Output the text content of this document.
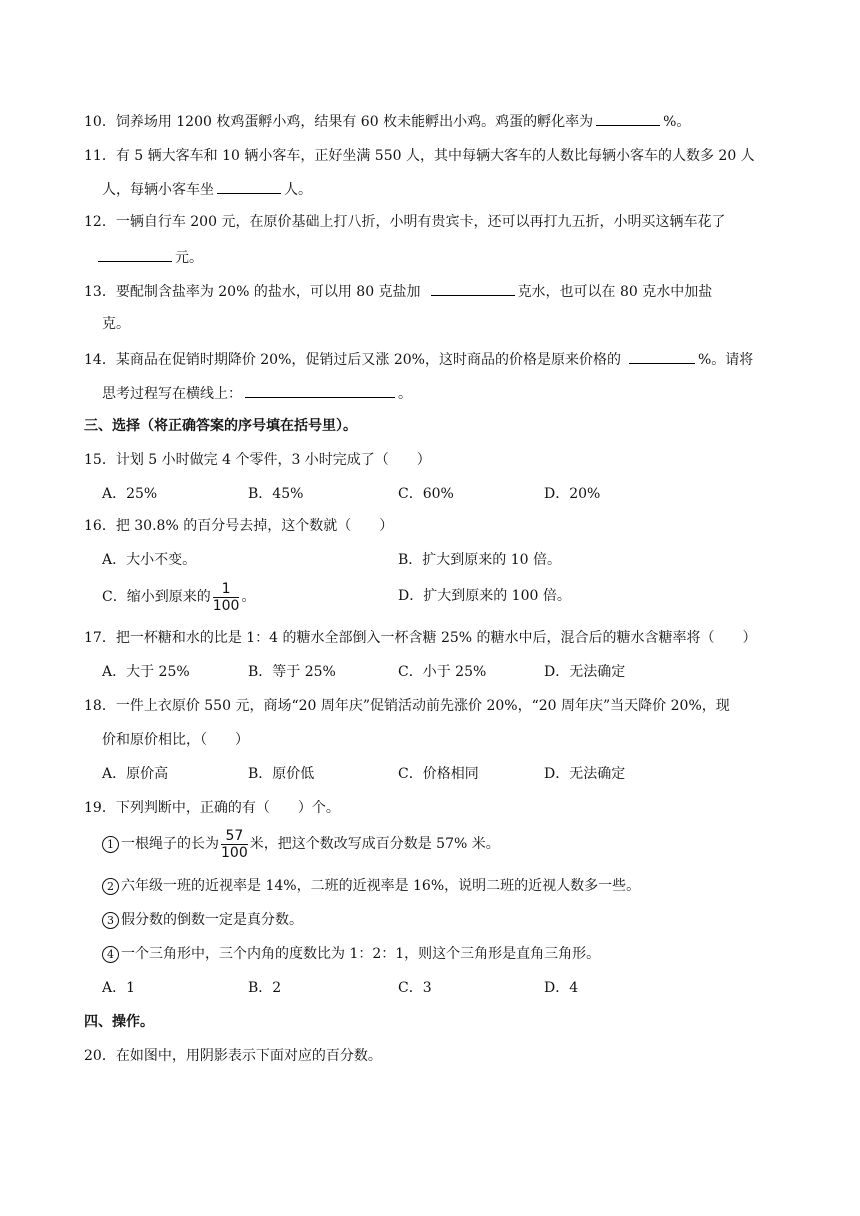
10．饲养场用 1200 枚鸡蛋孵小鸡，结果有 60 枚未能孵出小鸡。鸡蛋的孵化率为	%。
11．有 5 辆大客车和 10 辆小客车，正好坐满 550 人，其中每辆大客车的人数比每辆小客车的人数多 20 人
人，每辆小客车坐	人。
12．一辆自行车 200 元，在原价基础上打八折，小明有贵宾卡，还可以再打九五折，小明买这辆车花了
元。
13．要配制含盐率为 20% 的盐水，可以用 80 克盐加	克水，也可以在 80 克水中加盐
克。
14．某商品在促销时期降价 20%，促销过后又涨 20%，这时商品的价格是原来价格的	%。请将
思考过程写在横线上：	。
三、选择（将正确答案的序号填在括号里）。
15．计划 5 小时做完 4 个零件，3 小时完成了（　　）
A．25%	B．45%	C．60%	D．20%
16．把 30.8% 的百分号去掉，这个数就（　　）
A．大小不变。	B．扩大到原来的 10 倍。
C．缩小到原来的 $\frac{1}{100}$ 。	D．扩大到原来的 100 倍。
17．把一杯糖和水的比是 1：4 的糖水全部倒入一杯含糖 25% 的糖水中后，混合后的糖水含糖率将（　　）
A．大于 25%	B．等于 25%	C．小于 25%	D．无法确定
18．一件上衣原价 550 元，商场“20 周年庆”促销活动前先涨价 20%，“20 周年庆”当天降价 20%，现
价和原价相比，（　　）
A．原价高	B．原价低	C．价格相同	D．无法确定
19．下列判断中，正确的有（　　）个。
1 一根绳子的长为 $\frac{57}{100}$ 米，把这个数改写成百分数是 57% 米。
2 六年级一班的近视率是 14%，二班的近视率是 16%，说明二班的近视人数多一些。
3 假分数的倒数一定是真分数。
4 一个三角形中，三个内角的度数比为 1：2：1，则这个三角形是直角三角形。
A．1	B．2	C．3	D．4
四、操作。
20．在如图中，用阴影表示下面对应的百分数。
